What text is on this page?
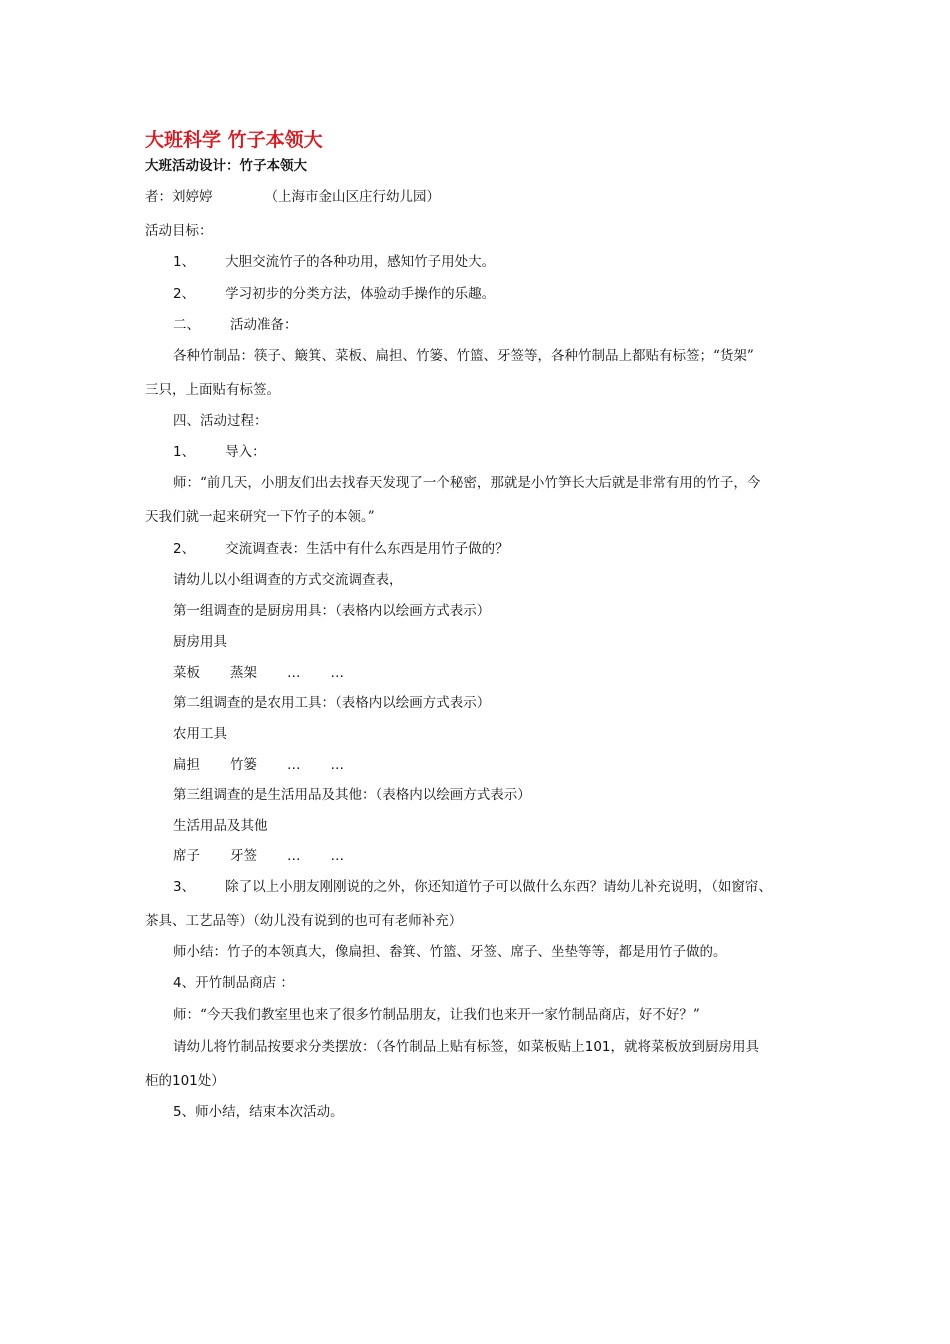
大班科学 竹子本领大
大班活动设计：竹子本领大
者：刘婷婷	（上海市金山区庄行幼儿园）
活动目标：
1、 大胆交流竹子的各种功用，感知竹子用处大。
2、 学习初步的分类方法，体验动手操作的乐趣。
二、 活动准备：
各种竹制品：筷子、簸箕、菜板、扁担、竹篓、竹篮、牙签等，各种竹制品上都贴有标签；“货架”
三只，上面贴有标签。
四、活动过程：
1、 导入：
师：“前几天，小朋友们出去找春天发现了一个秘密，那就是小竹笋长大后就是非常有用的竹子，今
天我们就一起来研究一下竹子的本领。”
2、 交流调查表：生活中有什么东西是用竹子做的？
请幼儿以小组调查的方式交流调查表，
第一组调查的是厨房用具：（表格内以绘画方式表示）
厨房用具
菜板 蒸架 … …
第二组调查的是农用工具：（表格内以绘画方式表示）
农用工具
扁担 竹篓 … …
第三组调查的是生活用品及其他：（表格内以绘画方式表示）
生活用品及其他
席子 牙签 … …
3、 除了以上小朋友刚刚说的之外，你还知道竹子可以做什么东西？请幼儿补充说明，（如窗帘、
茶具、工艺品等）（幼儿没有说到的也可有老师补充）
师小结：竹子的本领真大，像扁担、畚箕、竹篮、牙签、席子、坐垫等等，都是用竹子做的。
4、开竹制品商店 ：
师：“今天我们教室里也来了很多竹制品朋友，让我们也来开一家竹制品商店，好不好？”
请幼儿将竹制品按要求分类摆放：（各竹制品上贴有标签，如菜板贴上101，就将菜板放到厨房用具
柜的101处）
5、师小结，结束本次活动。
